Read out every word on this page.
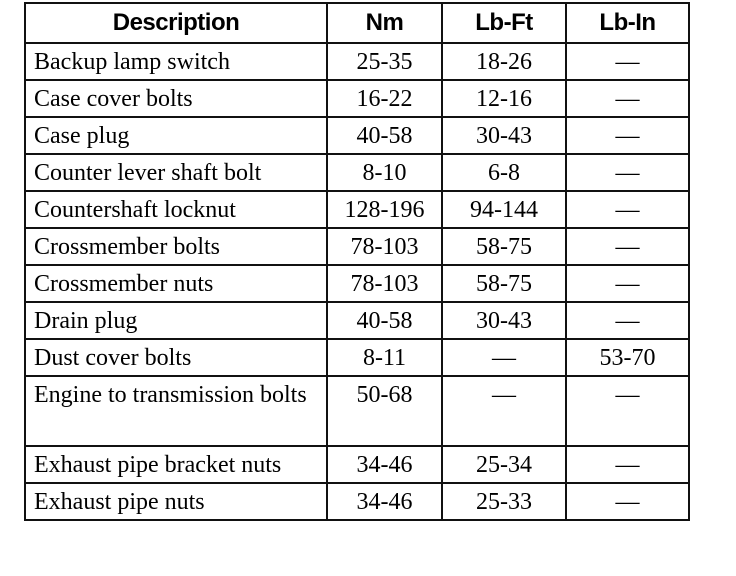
Description	Nm	Lb-Ft	Lb-In
Backup lamp switch	25-35	18-26	—
Case cover bolts	16-22	12-16	—
Case plug	40-58	30-43	—
Counter lever shaft bolt	8-10	6-8	—
Countershaft locknut	128-196	94-144	—
Crossmember bolts	78-103	58-75	—
Crossmember nuts	78-103	58-75	—
Drain plug	40-58	30-43	—
Dust cover bolts	8-11	—	53-70
Engine to transmission bolts	50-68	—	—
Exhaust pipe bracket nuts	34-46	25-34	—
Exhaust pipe nuts	34-46	25-33	—
